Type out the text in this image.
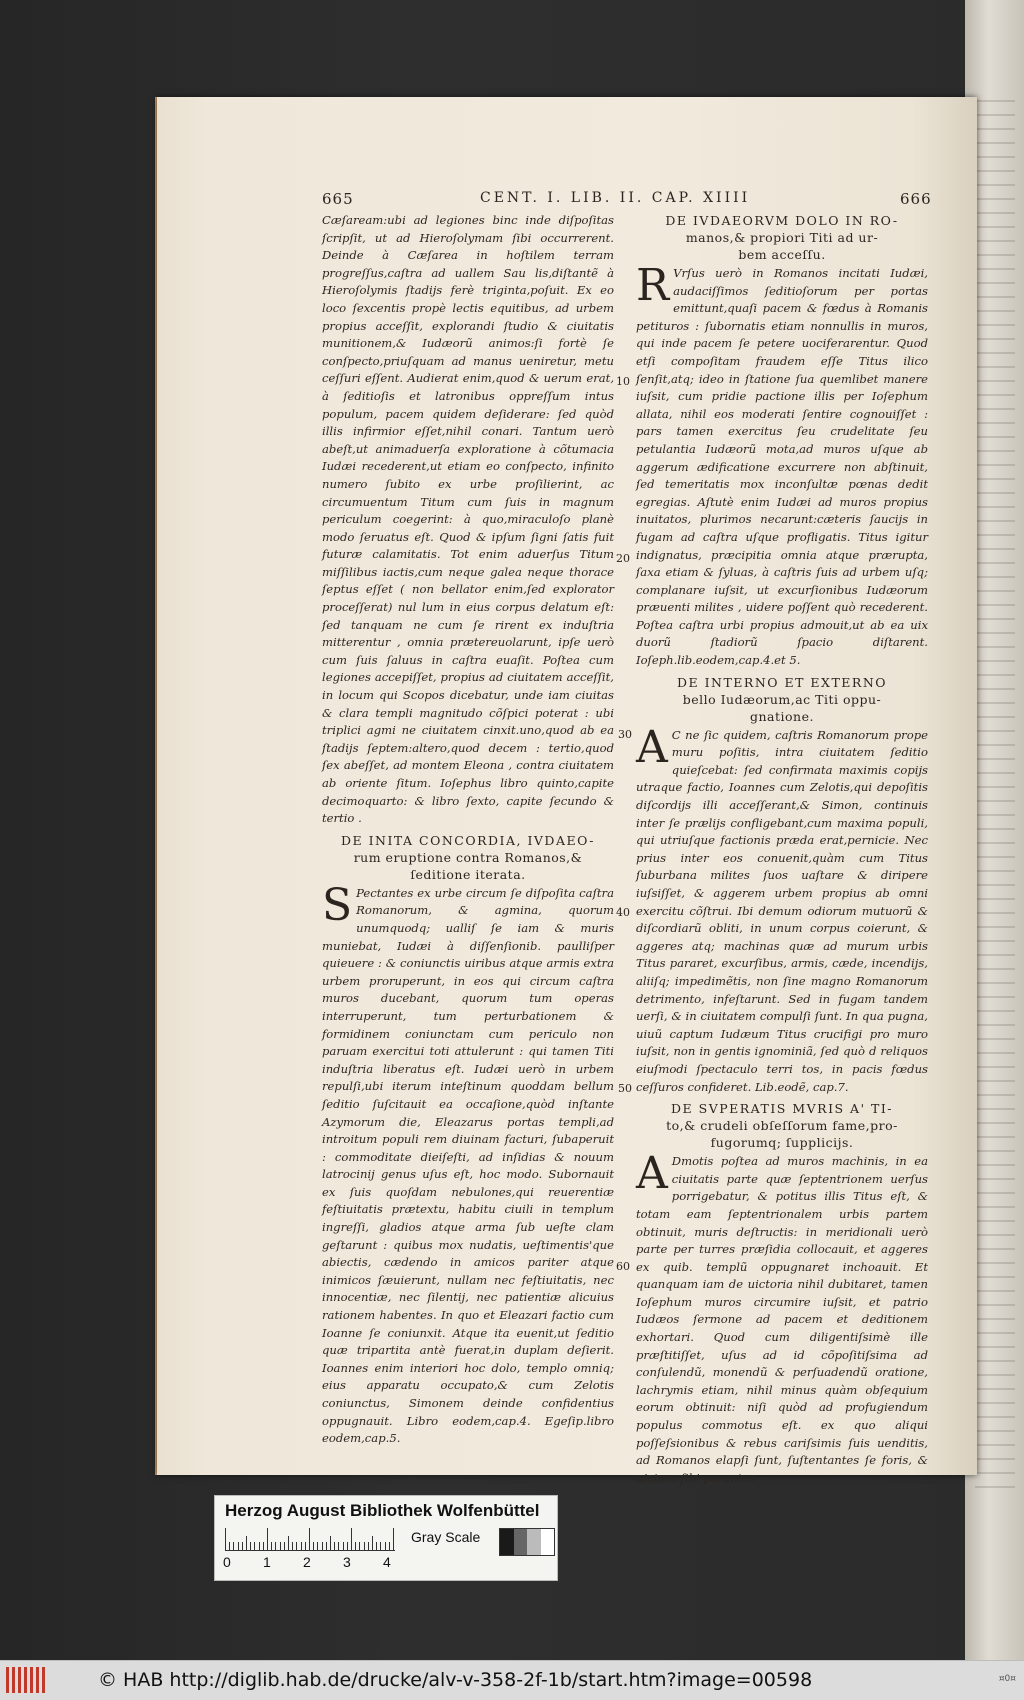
665	CENT. I. LIB. II. CAP. XIIII	666

Cæſaream:ubi ad legiones binc inde diſpoſitas ſcripſit, ut ad Hieroſolymam ſibi occurrerent. Deinde à Cæſarea in hoſtilem terram progreſſus,caſtra ad uallem Sau lis,diſtantẽ à Hieroſolymis ſtadijs ferè triginta,poſuit. Ex eo loco ſexcentis propè lectis equitibus, ad urbem propius acceſſit, explorandi ſtudio & ciuitatis munitionem,& Iudæorũ animos:ſi fortè ſe conſpecto,priuſquam ad manus ueniretur, metu ceſſuri eſſent. Audierat enim,quod & uerum erat, à ſeditioſis et latronibus oppreſſum intus populum, pacem quidem deſiderare: ſed quòd illis infirmior eſſet,nihil conari. Tantum uerò abeſt,ut animaduerſa exploratione à cõtumacia Iudæi recederent,ut etiam eo conſpecto, infinito numero ſubito ex urbe proſilierint, ac circumuentum Titum cum ſuis in magnum periculum coegerint: à quo,miraculoſo planè modo ſeruatus eſt. Quod & ipſum ſigni ſatis fuit futuræ calamitatis. Tot enim aduerſus Titum miſſilibus iactis,cum neque galea neque thorace ſeptus eſſet ( non bellator enim,ſed explorator proceſſerat) nul lum in eius corpus delatum eſt: ſed tanquam ne cum ſe rirent ex induſtria mitterentur , omnia prætereuolarunt, ipſe uerò cum ſuis ſaluus in caſtra euaſit. Poſtea cum legiones accepiſſet, propius ad ciuitatem acceſſit, in locum qui Scopos dicebatur, unde iam ciuitas & clara templi magnitudo cõſpici poterat : ubi triplici agmi ne ciuitatem cinxit.uno,quod ab ea ſtadijs ſeptem:altero,quod decem : tertio,quod ſex abeſſet, ad montem Eleona , contra ciuitatem ab oriente ſitum. Ioſephus libro quinto,capite decimoquarto: & libro ſexto, capite ſecundo & tertio .

DE INITA CONCORDIA, IVDAEO-
rum eruptione contra Romanos,&
ſeditione iterata.

S Pectantes ex urbe circum ſe diſpoſita caſtra Romanorum, & agmina, quorum unumquodq; ualliſ ſe iam & muris muniebat, Iudæi à diſſenſionib. paulliſper quieuere : & coniunctis uiribus atque armis extra urbem proruperunt, in eos qui circum caſtra muros ducebant, quorum tum operas interruperunt, tum perturbationem & formidinem coniunctam cum periculo non paruam exercitui toti attulerunt : qui tamen Titi induſtria liberatus eſt. Iudæi uerò in urbem repulſi,ubi iterum inteſtinum quoddam bellum ſeditio ſuſcitauit ea occaſione,quòd inſtante Azymorum die, Eleazarus portas templi,ad introitum populi rem diuinam facturi, ſubaperuit : commoditate dieiſeſti, ad inſidias & nouum latrocinij genus uſus eſt, hoc modo. Subornauit ex ſuis quoſdam nebulones,qui reuerentiæ feſtiuitatis prætextu, habitu ciuili in templum ingreſſi, gladios atque arma ſub ueſte clam geſtarunt : quibus mox nudatis, ueſtimentis'que abiectis, cædendo in amicos pariter atque inimicos ſæuierunt, nullam nec feſtiuitatis, nec innocentiæ, nec ſilentij, nec patientiæ alicuius rationem habentes. In quo et Eleazari factio cum Ioanne ſe coniunxit. Atque ita euenit,ut ſeditio quæ tripartita antè fuerat,in duplam deſierit. Ioannes enim interiori hoc dolo, templo omniq; eius apparatu occupato,& cum Zelotis coniunctus, Simonem deinde confidentius oppugnauit. Libro eodem,cap.4. Egeſip.libro eodem,cap.5.

10
20
30
40
50
60
DE IVDAEORVM DOLO IN RO-
manos,& propiori Titi ad ur-
bem acceſſu.

R Vrſus uerò in Romanos incitati Iudæi, audaciſſimos ſeditioſorum per portas emittunt,quaſi pacem & fœdus à Romanis petituros : ſubornatis etiam nonnullis in muros, qui inde pacem ſe petere uociferarentur. Quod etſi compoſitam fraudem eſſe Titus ilico ſenſit,atq; ideo in ſtatione ſua quemlibet manere iuſsit, cum pridie pactione illis per Ioſephum allata, nihil eos moderati ſentire cognouiſſet : pars tamen exercitus ſeu crudelitate ſeu petulantia Iudæorũ mota,ad muros uſque ab aggerum ædificatione excurrere non abſtinuit, ſed temeritatis mox inconſultæ pœnas dedit egregias. Aſtutè enim Iudæi ad muros propius inuitatos, plurimos necarunt:cæteris ſaucijs in fugam ad caſtra uſque profligatis. Titus igitur indignatus, præcipitia omnia atque prærupta, ſaxa etiam & ſyluas, à caſtris ſuis ad urbem uſq; complanare iuſsit, ut excurſionibus Iudæorum præuenti milites , uidere poſſent quò recederent. Poſtea caſtra urbi propius admouit,ut ab ea uix duorũ ſtadiorũ ſpacio diſtarent. Ioſeph.lib.eodem,cap.4.et 5.

DE INTERNO ET EXTERNO
bello Iudæorum,ac Titi oppu-
gnatione.

A C ne ſic quidem, caſtris Romanorum prope muru poſitis, intra ciuitatem ſeditio quieſcebat: ſed confirmata maximis copijs utraque factio, Ioannes cum Zelotis,qui depoſitis diſcordijs illi acceſſerant,& Simon, continuis inter ſe prælijs confligebant,cum maxima populi, qui utriuſque factionis præda erat,pernicie. Nec prius inter eos conuenit,quàm cum Titus ſuburbana milites ſuos uaſtare & diripere iuſsiſſet, & aggerem urbem propius ab omni exercitu cõſtrui. Ibi demum odiorum mutuorũ & diſcordiarũ obliti, in unum corpus coierunt, & aggeres atq; machinas quæ ad murum urbis Titus pararet, excurſibus, armis, cæde, incendijs, aliiſq; impedimẽtis, non ſine magno Romanorum detrimento, infeſtarunt. Sed in fugam tandem uerſi, & in ciuitatem compulſi ſunt. In qua pugna, uiuũ captum Iudæum Titus crucifigi pro muro iuſsit, non in gentis ignominiã, ſed quò d reliquos eiuſmodi ſpectaculo terri tos, in pacis fœdus ceſſuros confideret. Lib.eodẽ, cap.7.

DE SVPERATIS MVRIS A' TI-
to,& crudeli obſeſſorum fame,pro-
fugorumq; ſupplicijs.

A Dmotis poſtea ad muros machinis, in ea ciuitatis parte quæ ſeptentrionem uerſus porrigebatur, & potitus illis Titus eſt, & totam eam ſeptentrionalem urbis partem obtinuit, muris deſtructis: in meridionali uerò parte per turres præſidia collocauit, et aggeres ex quib. templũ oppugnaret inchoauit. Et quanquam iam de uictoria nihil dubitaret, tamen Ioſephum muros circumire iuſsit, et patrio Iudæos ſermone ad pacem et deditionem exhortari. Quod cum diligentiſsimè ille præſtitiſſet, uſus ad id cõpoſitiſsima ad conſulendũ, monendũ & perſuadendũ oratione, lachrymis etiam, nihil minus quàm obſequium eorum obtinuit: niſi quòd ad profugiendum populus commotus eſt. ex quo aliqui poſſeſsionibus & rebus cariſsimis ſuis uenditis, ad Romanos elapſi ſunt, ſuſtentantes ſe foris, & uictum ſibi parantes

Herzog August Bibliothek Wolfenbüttel
0 1 2 3 4
Gray Scale
© HAB http://diglib.hab.de/drucke/alv-v-358-2f-1b/start.htm?image=00598	¤0¤
